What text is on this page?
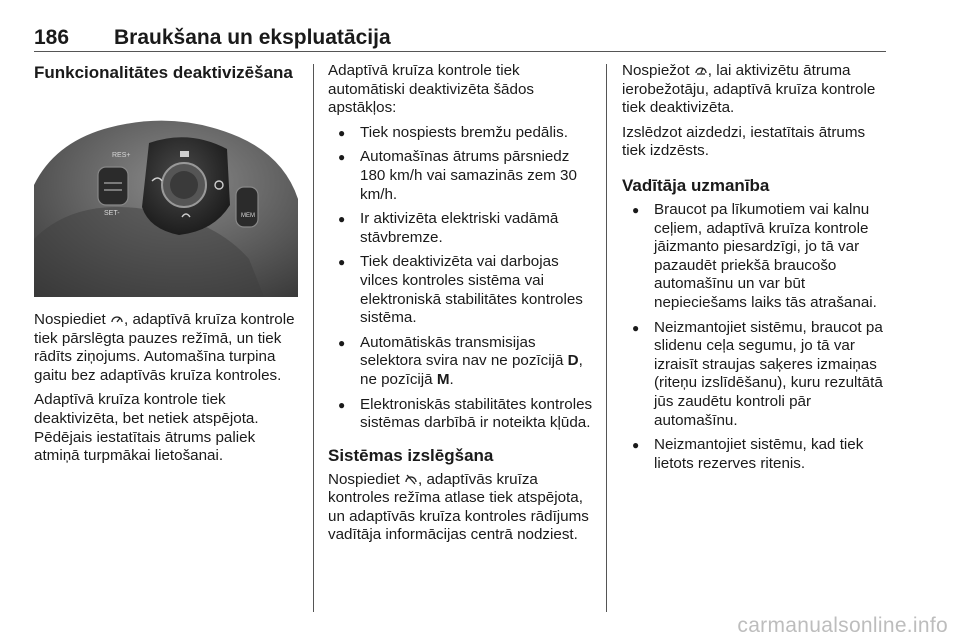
186 Braukšana un ekspluatācija
Funkcionalitātes deaktivizēšana
RES+
SET-	MEM

Nospiediet , adaptīvā kruīza kontrole tiek pārslēgta pauzes režīmā, un tiek rādīts ziņojums. Automašīna turpina gaitu bez adaptīvās kruīza kontroles.

Adaptīvā kruīza kontrole tiek deaktivizēta, bet netiek atspējota. Pēdējais iestatītais ātrums paliek atmiņā turpmākai lietošanai.

Adaptīvā kruīza kontrole tiek automātiski deaktivizēta šādos apstākļos:

● Tiek nospiests bremžu pedālis.
● Automašīnas ātrums pārsniedz 180 km/h vai samazinās zem 30 km/h.
● Ir aktivizēta elektriski vadāmā stāvbremze.
● Tiek deaktivizēta vai darbojas vilces kontroles sistēma vai elektroniskā stabilitātes kontroles sistēma.
● Automātiskās transmisijas selektora svira nav ne pozīcijā D, ne pozīcijā M.
● Elektroniskās stabilitātes kontroles sistēmas darbībā ir noteikta kļūda.
Sistēmas izslēgšana

Nospiediet , adaptīvās kruīza kontroles režīma atlase tiek atspējota, un adaptīvās kruīza kontroles rādījums vadītāja informācijas centrā nodziest.

Nospiežot , lai aktivizētu ātruma ierobežotāju, adaptīvā kruīza kontrole tiek deaktivizēta.

Izslēdzot aizdedzi, iestatītais ātrums tiek izdzēsts.

Vadītāja uzmanība
● Braucot pa līkumotiem vai kalnu ceļiem, adaptīvā kruīza kontrole jāizmanto piesardzīgi, jo tā var pazaudēt priekšā braucošo automašīnu un var būt nepieciešams laiks tās atrašanai.
● Neizmantojiet sistēmu, braucot pa slidenu ceļa segumu, jo tā var izraisīt straujas saķeres izmaiņas (riteņu izslīdēšanu), kuru rezultātā jūs zaudētu kontroli pār automašīnu.
● Neizmantojiet sistēmu, kad tiek lietots rezerves ritenis.
carmanualsonline.info
